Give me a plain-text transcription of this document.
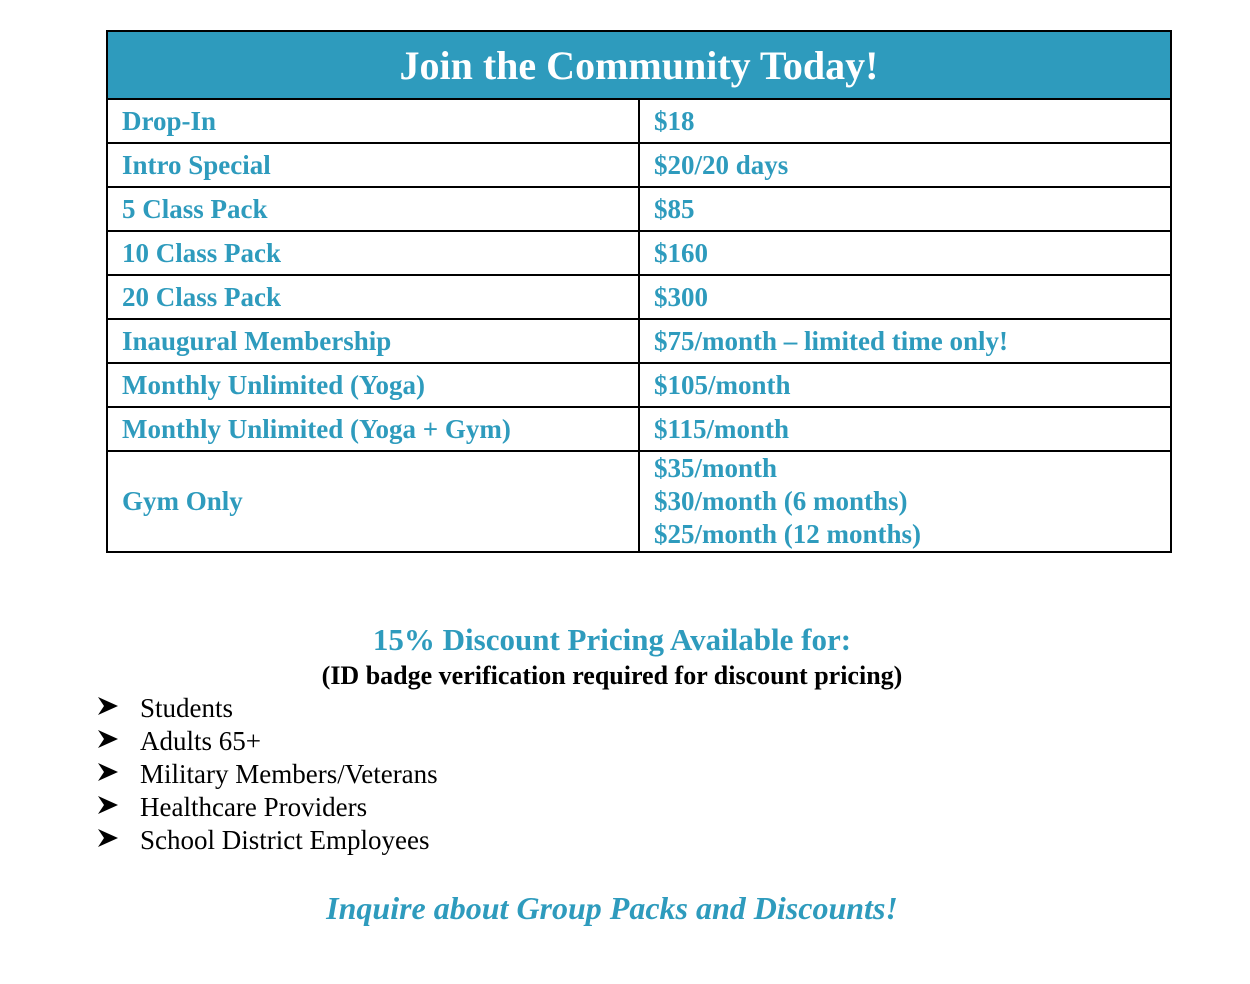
Join the Community Today!	
Drop-In	$18

Intro Special	$20/20 days

5 Class Pack	$85

10 Class Pack	$160

20 Class Pack	$300

Inaugural Membership	$75/month – limited time only!

Monthly Unlimited (Yoga)	$105/month

Monthly Unlimited (Yoga + Gym)	$115/month

Gym Only	$35/month
$30/month (6 months)
$25/month (12 months)
15% Discount Pricing Available for:
(ID badge verification required for discount pricing)
Students
Adults 65+
Military Members/Veterans
Healthcare Providers
School District Employees
Inquire about Group Packs and Discounts!
